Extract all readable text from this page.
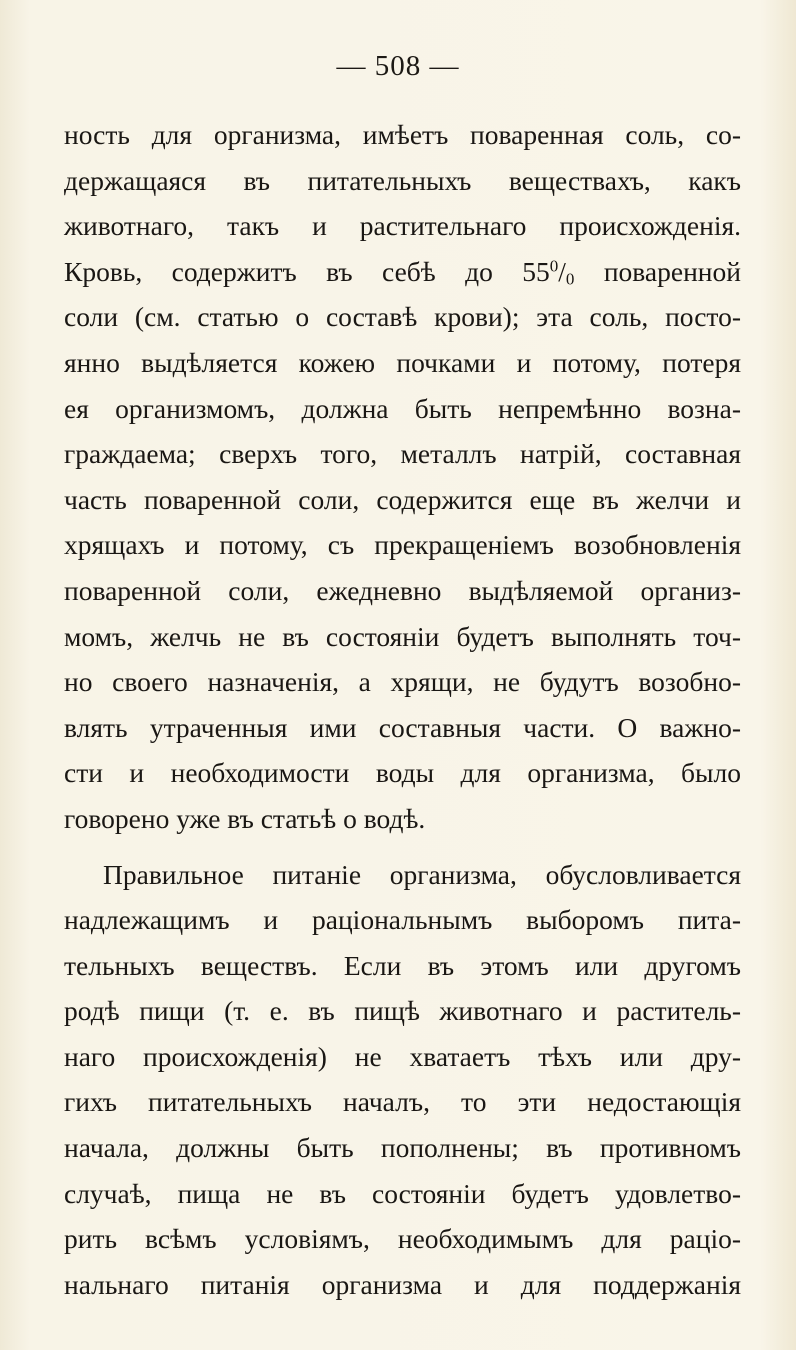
— 508 —
ность для организма, имѣетъ поваренная соль, со-
держащаяся въ питательныхъ веществахъ, какъ
животнаго, такъ и растительнаго происхожденія.
Кровь, содержитъ въ себѣ до $55^0/_0$ поваренной
соли (см. статью о составѣ крови); эта соль, посто-
янно выдѣляется кожею почками и потому, потеря
ея организмомъ, должна быть непремѣнно возна-
граждаема; сверхъ того, металлъ натрій, составная
часть поваренной соли, содержится еще въ желчи и
хрящахъ и потому, съ прекращеніемъ возобновленія
поваренной соли, ежедневно выдѣляемой организ-
момъ, желчь не въ состояніи будетъ выполнять точ-
но своего назначенія, а хрящи, не будутъ возобно-
влять утраченныя ими составныя части. О важно-
сти и необходимости воды для организма, было
говорено уже въ статьѣ о водѣ.
Правильное питаніе организма, обусловливается
надлежащимъ и раціональнымъ выборомъ пита-
тельныхъ веществъ. Если въ этомъ или другомъ
родѣ пищи (т. е. въ пищѣ животнаго и раститель-
наго происхожденія) не хватаетъ тѣхъ или дру-
гихъ питательныхъ началъ, то эти недостающія
начала, должны быть пополнены; въ противномъ
случаѣ, пища не въ состояніи будетъ удовлетво-
рить всѣмъ условіямъ, необходимымъ для раціо-
нальнаго питанія организма и для поддержанія
